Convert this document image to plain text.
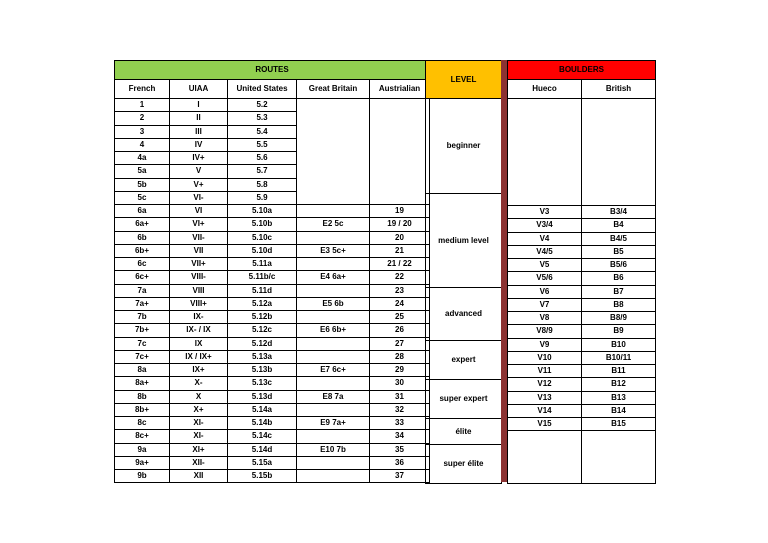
ROUTES				
French	UIAA	United States	Great Britain	Austrialian
1	I	5.2		
2	II	5.3		
3	III	5.4		
4	IV	5.5		
4a	IV+	5.6		
5a	V	5.7		
5b	V+	5.8		
5c	VI-	5.9		
6a	VI	5.10a		19
6a+	VI+	5.10b	E2 5c	19 / 20
6b	VII-	5.10c		20
6b+	VII	5.10d	E3 5c+	21
6c	VII+	5.11a		21 / 22
6c+	VIII-	5.11b/c	E4 6a+	22
7a	VIII	5.11d		23
7a+	VIII+	5.12a	E5 6b	24
7b	IX-	5.12b		25
7b+	IX- / IX	5.12c	E6 6b+	26
7c	IX	5.12d		27
7c+	IX / IX+	5.13a		28
8a	IX+	5.13b	E7 6c+	29
8a+	X-	5.13c		30
8b	X	5.13d	E8 7a	31
8b+	X+	5.14a		32
8c	XI-	5.14b	E9 7a+	33
8c+	XI-	5.14c		34
9a	XI+	5.14d	E10 7b	35
9a+	XII-	5.15a		36
9b	XII	5.15b		37
LEVEL
beginner
medium level
advanced
expert
super expert
élite
super élite
BOULDERS	
Hueco	British

V3	B3/4
V3/4	B4
V4	B4/5
V4/5	B5
V5	B5/6
V5/6	B6
V6	B7
V7	B8
V8	B8/9
V8/9	B9
V9	B10
V10	B10/11
V11	B11
V12	B12
V13	B13
V14	B14
V15	B15
